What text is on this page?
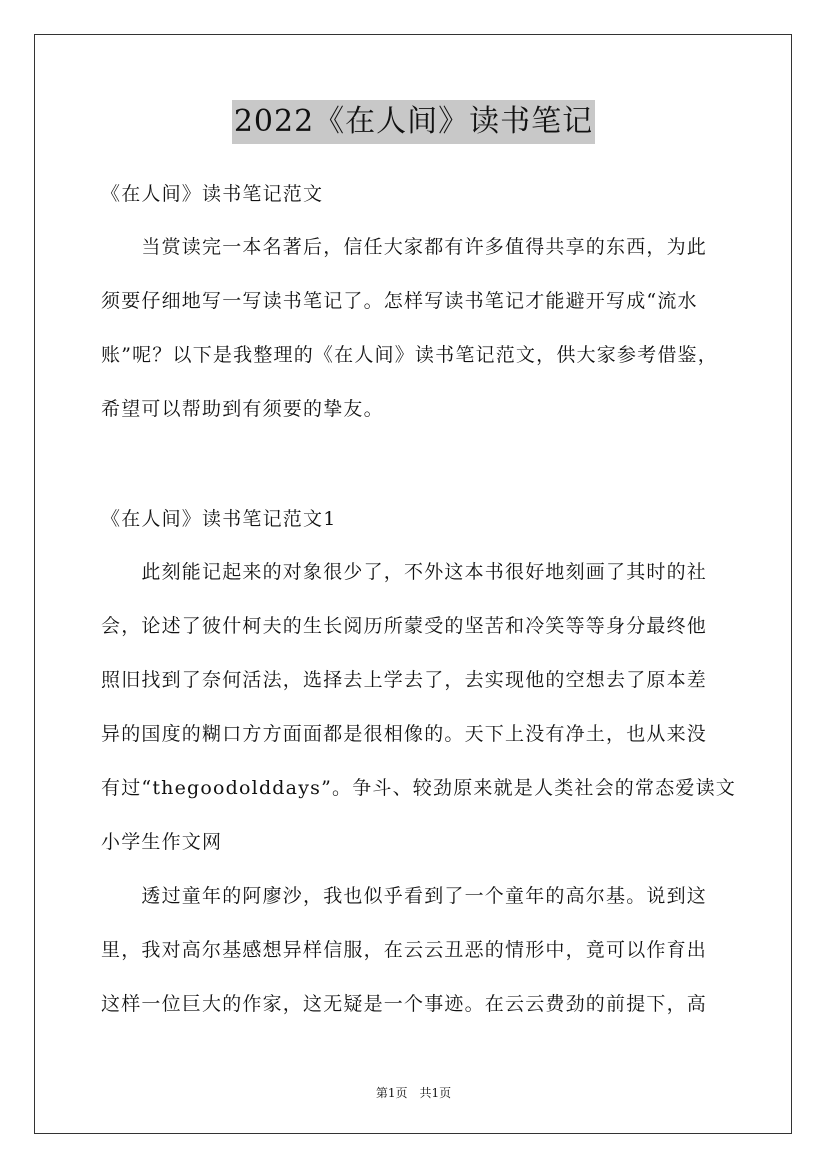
2022《在人间》读书笔记
《在人间》读书笔记范文
　　当赏读完一本名著后，信任大家都有许多值得共享的东西，为此
须要仔细地写一写读书笔记了。怎样写读书笔记才能避开写成“流水
账”呢？以下是我整理的《在人间》读书笔记范文，供大家参考借鉴，
希望可以帮助到有须要的挚友。
《在人间》读书笔记范文1
　　此刻能记起来的对象很少了，不外这本书很好地刻画了其时的社
会，论述了彼什柯夫的生长阅历所蒙受的坚苦和冷笑等等身分最终他
照旧找到了奈何活法，选择去上学去了，去实现他的空想去了原本差
异的国度的糊口方方面面都是很相像的。天下上没有净土，也从来没
有过“thegoodolddays”。争斗、较劲原来就是人类社会的常态爱读文
小学生作文网
　　透过童年的阿廖沙，我也似乎看到了一个童年的高尔基。说到这
里，我对高尔基感想异样信服，在云云丑恶的情形中，竟可以作育出
这样一位巨大的作家，这无疑是一个事迹。在云云费劲的前提下，高
第1页　共1页
